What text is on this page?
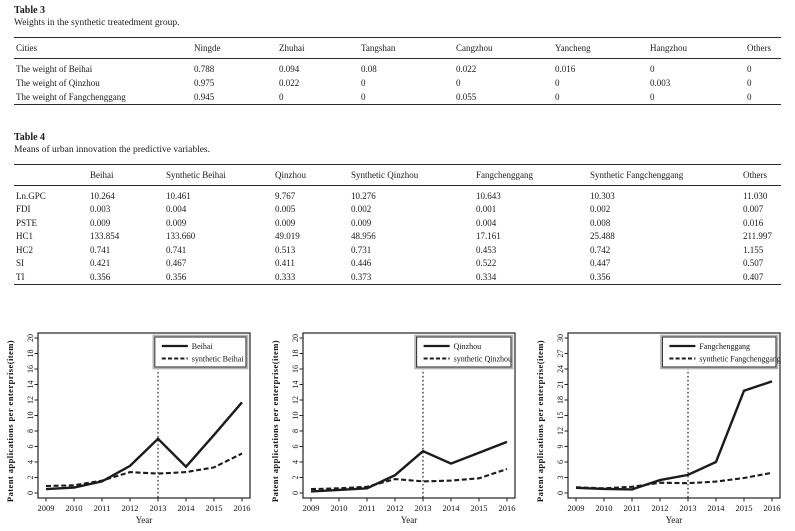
Table 3
Weights in the synthetic treatedment group.
Cities	Ningde	Zhuhai	Tangshan	Cangzhou	Yancheng	Hangzhou	Others
The weight of Beihai	0.788	0.094	0.08	0.022	0.016	0	0
The weight of Qinzhou	0.975	0.022	0	0	0	0.003	0
The weight of Fangchenggang	0.945	0	0	0.055	0	0	0
Table 4
Means of urban innovation the predictive variables.
	Beihai	Synthetic Beihai	Qinzhou	Synthetic Qinzhou	Fangchenggang	Synthetic Fangchenggang	Others
Ln.GPC	10.264	10.461	9.767	10.276	10.643	10.303	11.030
FDI	0.003	0.004	0.005	0.002	0.001	0.002	0.007
PSTE	0.009	0.009	0.009	0.009	0.004	0.008	0.016
HC1	133.854	133.660	49.019	48.956	17.161	25.488	211.997
HC2	0.741	0.741	0.513	0.731	0.453	0.742	1.155
SI	0.421	0.467	0.411	0.446	0.522	0.447	0.507
TI	0.356	0.356	0.333	0.373	0.334	0.356	0.407
Patent applications per enterprise(item) 0
2
4
6
8
10
12
14
16
18
20
2009 2010 2011 2012 2013 2014 2015 2016
Year
Beihai
synthetic Beihai	Patent applications per enterprise(item) 0
2
4
6
8
10
12
14
16
18
20
2009 2010 2011 2012 2013 2014 2015 2016
Year
Qinzhou
synthetic Qinzhou	Patent applications per enterprise(item) 0
3
6
9
12
15
18
21
24
27
30
2009 2010 2011 2012 2013 2014 2015 2016
Year
Fangchenggang
synthetic Fangchenggang
